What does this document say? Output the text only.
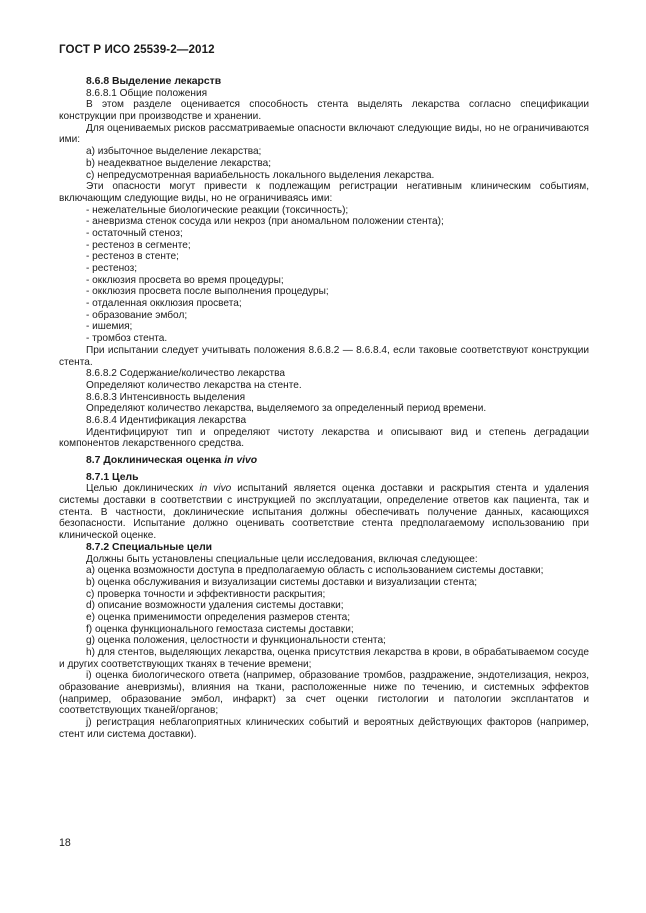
ГОСТ Р ИСО 25539-2—2012

8.6.8 Выделение лекарств

8.6.8.1 Общие положения

В этом разделе оценивается способность стента выделять лекарства согласно спецификации конструкции при производстве и хранении.

Для оцениваемых рисков рассматриваемые опасности включают следующие виды, но не ограничиваются ими:

a) избыточное выделение лекарства;

b) неадекватное выделение лекарства;

c) непредусмотренная вариабельность локального выделения лекарства.

Эти опасности могут привести к подлежащим регистрации негативным клиническим событиям, включающим следующие виды, но не ограничиваясь ими:

- нежелательные биологические реакции (токсичность);

- аневризма стенок сосуда или некроз (при аномальном положении стента);

- остаточный стеноз;

- рестеноз в сегменте;

- рестеноз в стенте;

- рестеноз;

- окклюзия просвета во время процедуры;

- окклюзия просвета после выполнения процедуры;

- отдаленная окклюзия просвета;

- образование эмбол;

- ишемия;

- тромбоз стента.

При испытании следует учитывать положения 8.6.8.2 — 8.6.8.4, если таковые соответствуют конструкции стента.

8.6.8.2 Содержание/количество лекарства

Определяют количество лекарства на стенте.

8.6.8.3 Интенсивность выделения

Определяют количество лекарства, выделяемого за определенный период времени.

8.6.8.4 Идентификация лекарства

Идентифицируют тип и определяют чистоту лекарства и описывают вид и степень деградации компонентов лекарственного средства.

8.7 Доклиническая оценка in vivo

8.7.1 Цель

Целью доклинических in vivo испытаний является оценка доставки и раскрытия стента и удаления системы доставки в соответствии с инструкцией по эксплуатации, определение ответов как пациента, так и стента. В частности, доклинические испытания должны обеспечивать получение данных, касающихся безопасности. Испытание должно оценивать соответствие стента предполагаемому использованию при клинической оценке.

8.7.2 Специальные цели

Должны быть установлены специальные цели исследования, включая следующее:

a) оценка возможности доступа в предполагаемую область с использованием системы доставки;

b) оценка обслуживания и визуализации системы доставки и визуализации стента;

c) проверка точности и эффективности раскрытия;

d) описание возможности удаления системы доставки;

e) оценка применимости определения размеров стента;

f) оценка функционального гемостаза системы доставки;

g) оценка положения, целостности и функциональности стента;

h) для стентов, выделяющих лекарства, оценка присутствия лекарства в крови, в обрабатываемом сосуде и других соответствующих тканях в течение времени;

i) оценка биологического ответа (например, образование тромбов, раздражение, эндотелизация, некроз, образование аневризмы), влияния на ткани, расположенные ниже по течению, и системных эффектов (например, образование эмбол, инфаркт) за счет оценки гистологии и патологии эксплантатов и соответствующих тканей/органов;

j) регистрация неблагоприятных клинических событий и вероятных действующих факторов (например, стент или система доставки).

18
